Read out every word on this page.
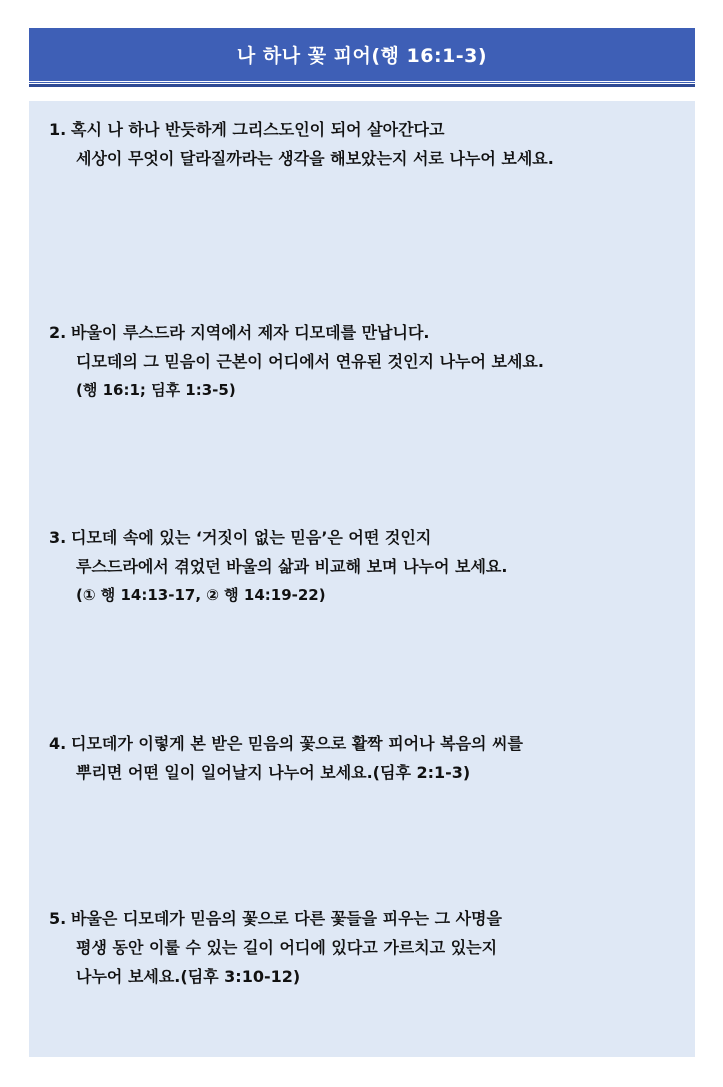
나 하나 꽃 피어(행 16:1-3)
1. 혹시 나 하나 반듯하게 그리스도인이 되어 살아간다고
세상이 무엇이 달라질까라는 생각을 해보았는지 서로 나누어 보세요.
2. 바울이 루스드라 지역에서 제자 디모데를 만납니다.
디모데의 그 믿음이 근본이 어디에서 연유된 것인지 나누어 보세요.
(행 16:1; 딤후 1:3-5)
3. 디모데 속에 있는 ‘거짓이 없는 믿음’은 어떤 것인지
루스드라에서 겪었던 바울의 삶과 비교해 보며 나누어 보세요.
(① 행 14:13-17, ② 행 14:19-22)
4. 디모데가 이렇게 본 받은 믿음의 꽃으로 활짝 피어나 복음의 씨를
뿌리면 어떤 일이 일어날지 나누어 보세요.(딤후 2:1-3)
5. 바울은 디모데가 믿음의 꽃으로 다른 꽃들을 피우는 그 사명을
평생 동안 이룰 수 있는 길이 어디에 있다고 가르치고 있는지
나누어 보세요.(딤후 3:10-12)
